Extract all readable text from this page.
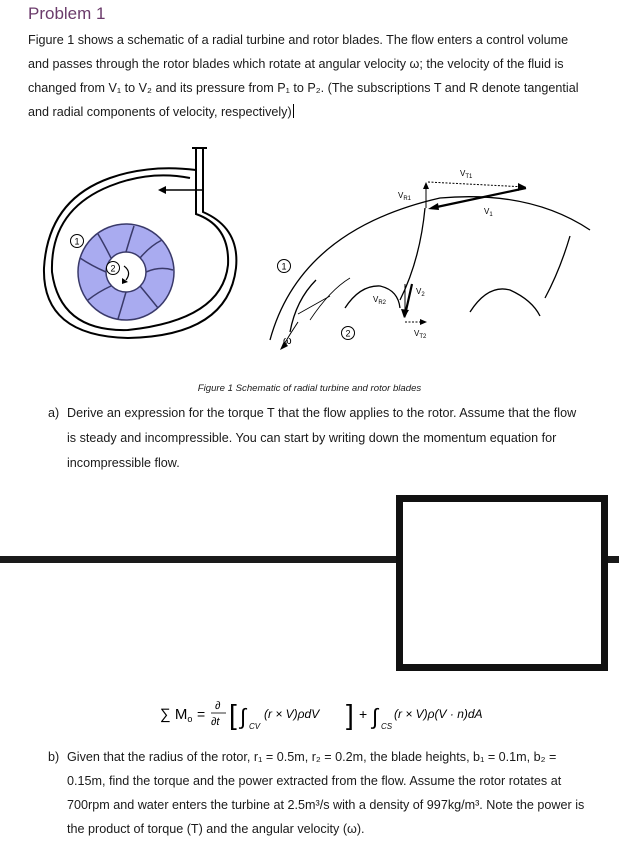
Problem 1
Figure 1 shows a schematic of a radial turbine and rotor blades. The flow enters a control volume and passes through the rotor blades which rotate at angular velocity ω; the velocity of the fluid is changed from V₁ to V₂ and its pressure from P₁ to P₂. (The subscriptions T and R denote tangential and radial components of velocity, respectively)
1
2
ω
1
2
$V_{T1}$
$V_1$
$V_{R1}$
$V_{R2}$
$V_2$
$V_{T2}$
Figure 1 Schematic of radial turbine and rotor blades
a) Derive an expression for the torque T that the flow applies to the rotor. Assume that the flow is steady and incompressible. You can start by writing down the momentum equation for incompressible flow.
∑ $M_o$ = ∂
∂t [ ∫ CV
(r × V)ρdV ] + ∫ CS
(r × V)ρ(V · n)dA
b) Given that the radius of the rotor, r₁ = 0.5m, r₂ = 0.2m, the blade heights, b₁ = 0.1m, b₂ = 0.15m, find the torque and the power extracted from the flow. Assume the rotor rotates at 700rpm and water enters the turbine at 2.5m³/s with a density of 997kg/m³. Note the power is the product of torque (T) and the angular velocity (ω).
